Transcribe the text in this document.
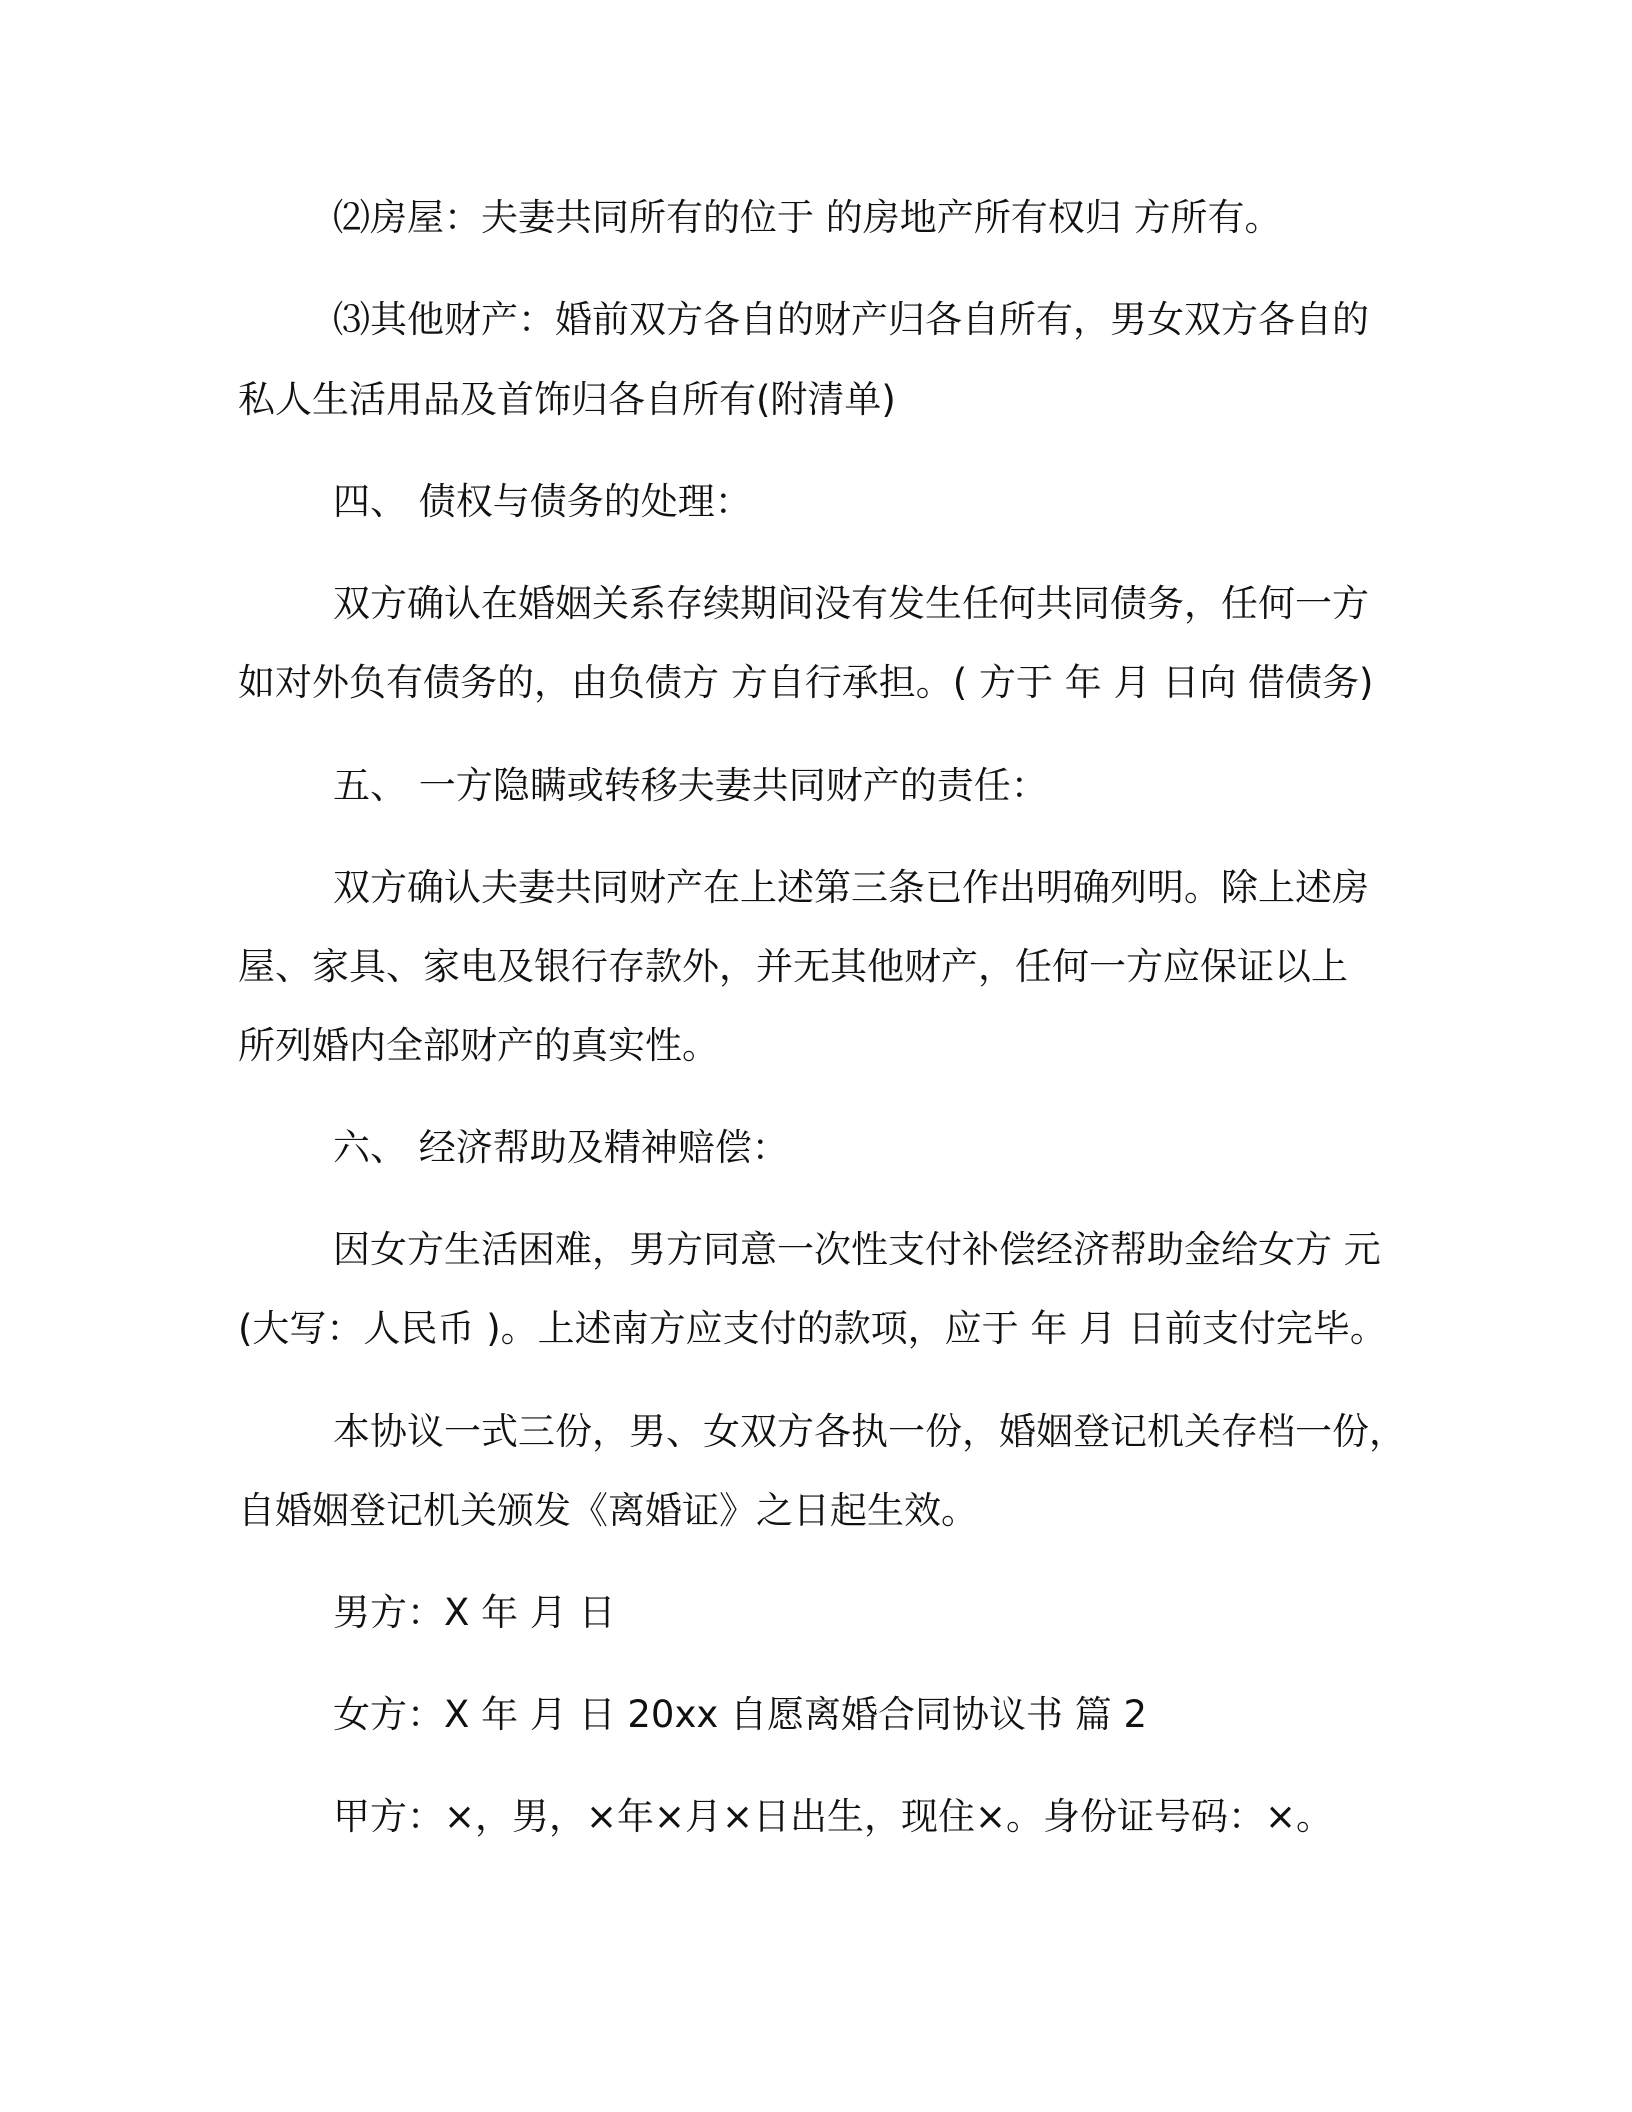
⑵房屋：夫妻共同所有的位于 的房地产所有权归 方所有。

⑶其他财产：婚前双方各自的财产归各自所有，男女双方各自的

私人生活用品及首饰归各自所有(附清单)

四、 债权与债务的处理：

双方确认在婚姻关系存续期间没有发生任何共同债务，任何一方

如对外负有债务的，由负债方 方自行承担。( 方于 年 月 日向 借债务)

五、 一方隐瞒或转移夫妻共同财产的责任：

双方确认夫妻共同财产在上述第三条已作出明确列明。除上述房

屋、家具、家电及银行存款外，并无其他财产，任何一方应保证以上

所列婚内全部财产的真实性。

六、 经济帮助及精神赔偿：

因女方生活困难，男方同意一次性支付补偿经济帮助金给女方 元

(大写：人民币 )。上述南方应支付的款项，应于 年 月 日前支付完毕。

本协议一式三份，男、女双方各执一份，婚姻登记机关存档一份，

自婚姻登记机关颁发《离婚证》之日起生效。

男方：X 年 月 日

女方：X 年 月 日 20xx 自愿离婚合同协议书 篇 2

甲方：×，男，×年×月×日出生，现住×。身份证号码：×。
